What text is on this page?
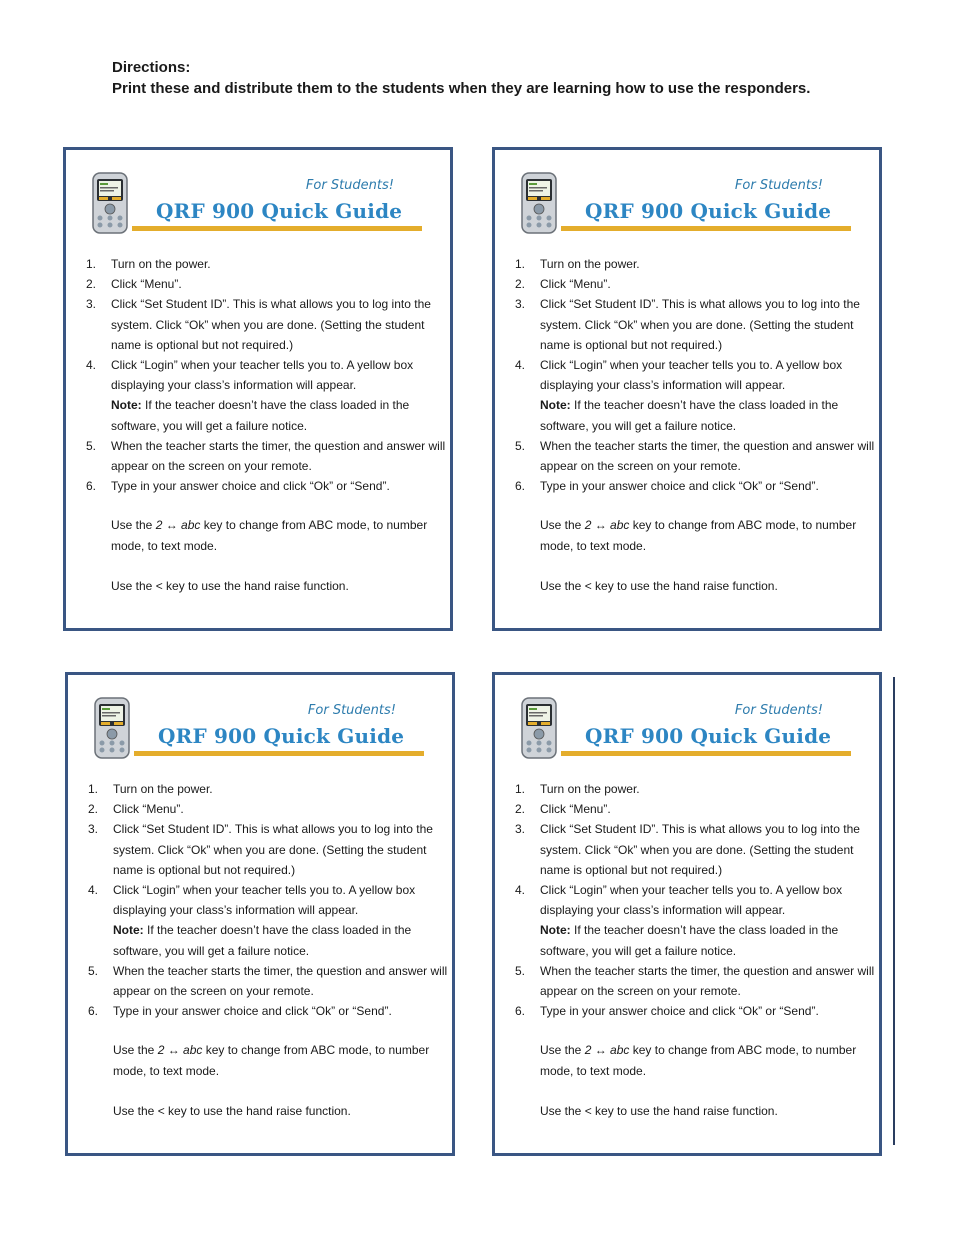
Directions:
Print these and distribute them to the students when they are learning how to use the responders.
For Students!
QRF 900 Quick Guide
1. Turn on the power.
2. Click “Menu”.
3. Click “Set Student ID”. This is what allows you to log into the system. Click “Ok” when you are done. (Setting the student name is optional but not required.)
4. Click “Login” when your teacher tells you to. A yellow box displaying your class’s information will appear.
Note: If the teacher doesn’t have the class loaded in the software, you will get a failure notice.
5. When the teacher starts the timer, the question and answer will appear on the screen on your remote.
6. Type in your answer choice and click “Ok” or “Send”.
Use the 2 ↔ abc key to change from ABC mode, to number mode, to text mode.
Use the < key to use the hand raise function.
For Students!
QRF 900 Quick Guide
1. Turn on the power.
2. Click “Menu”.
3. Click “Set Student ID”. This is what allows you to log into the system. Click “Ok” when you are done. (Setting the student name is optional but not required.)
4. Click “Login” when your teacher tells you to. A yellow box displaying your class’s information will appear.
Note: If the teacher doesn’t have the class loaded in the software, you will get a failure notice.
5. When the teacher starts the timer, the question and answer will appear on the screen on your remote.
6. Type in your answer choice and click “Ok” or “Send”.
Use the 2 ↔ abc key to change from ABC mode, to number mode, to text mode.
Use the < key to use the hand raise function.
For Students!
QRF 900 Quick Guide
1. Turn on the power.
2. Click “Menu”.
3. Click “Set Student ID”. This is what allows you to log into the system. Click “Ok” when you are done. (Setting the student name is optional but not required.)
4. Click “Login” when your teacher tells you to. A yellow box displaying your class’s information will appear.
Note: If the teacher doesn’t have the class loaded in the software, you will get a failure notice.
5. When the teacher starts the timer, the question and answer will appear on the screen on your remote.
6. Type in your answer choice and click “Ok” or “Send”.
Use the 2 ↔ abc key to change from ABC mode, to number mode, to text mode.
Use the < key to use the hand raise function.
For Students!
QRF 900 Quick Guide
1. Turn on the power.
2. Click “Menu”.
3. Click “Set Student ID”. This is what allows you to log into the system. Click “Ok” when you are done. (Setting the student name is optional but not required.)
4. Click “Login” when your teacher tells you to. A yellow box displaying your class’s information will appear.
Note: If the teacher doesn’t have the class loaded in the software, you will get a failure notice.
5. When the teacher starts the timer, the question and answer will appear on the screen on your remote.
6. Type in your answer choice and click “Ok” or “Send”.
Use the 2 ↔ abc key to change from ABC mode, to number mode, to text mode.
Use the < key to use the hand raise function.
